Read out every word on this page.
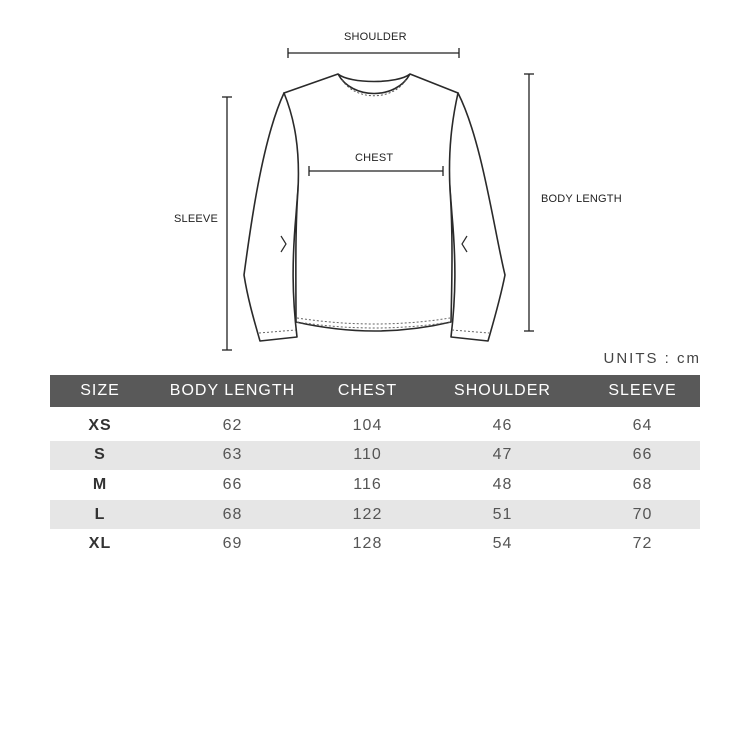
SHOULDER
CHEST
SLEEVE
BODY LENGTH
UNITS : cm
SIZE	BODY LENGTH	CHEST	SHOULDER	SLEEVE
XS	62	104	46	64
S	63	110	47	66
M	66	116	48	68
L	68	122	51	70
XL	69	128	54	72
